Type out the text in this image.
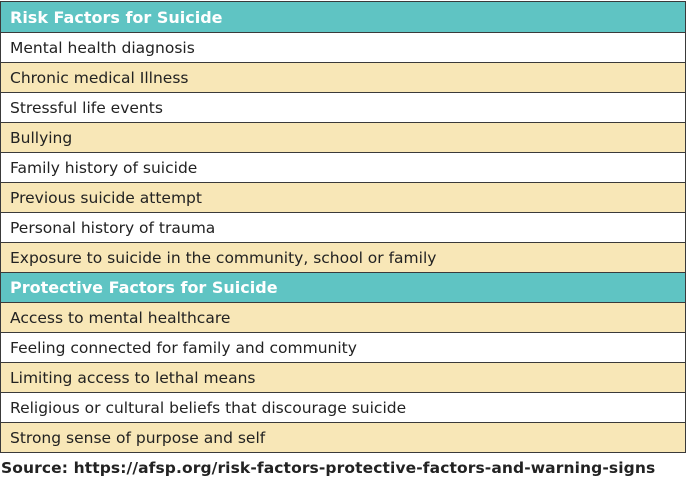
Risk Factors for Suicide
Mental health diagnosis
Chronic medical Illness
Stressful life events
Bullying
Family history of suicide
Previous suicide attempt
Personal history of trauma
Exposure to suicide in the community, school or family
Protective Factors for Suicide
Access to mental healthcare
Feeling connected for family and community
Limiting access to lethal means
Religious or cultural beliefs that discourage suicide
Strong sense of purpose and self
Source: https://afsp.org/risk-factors-protective-factors-and-warning-signs
